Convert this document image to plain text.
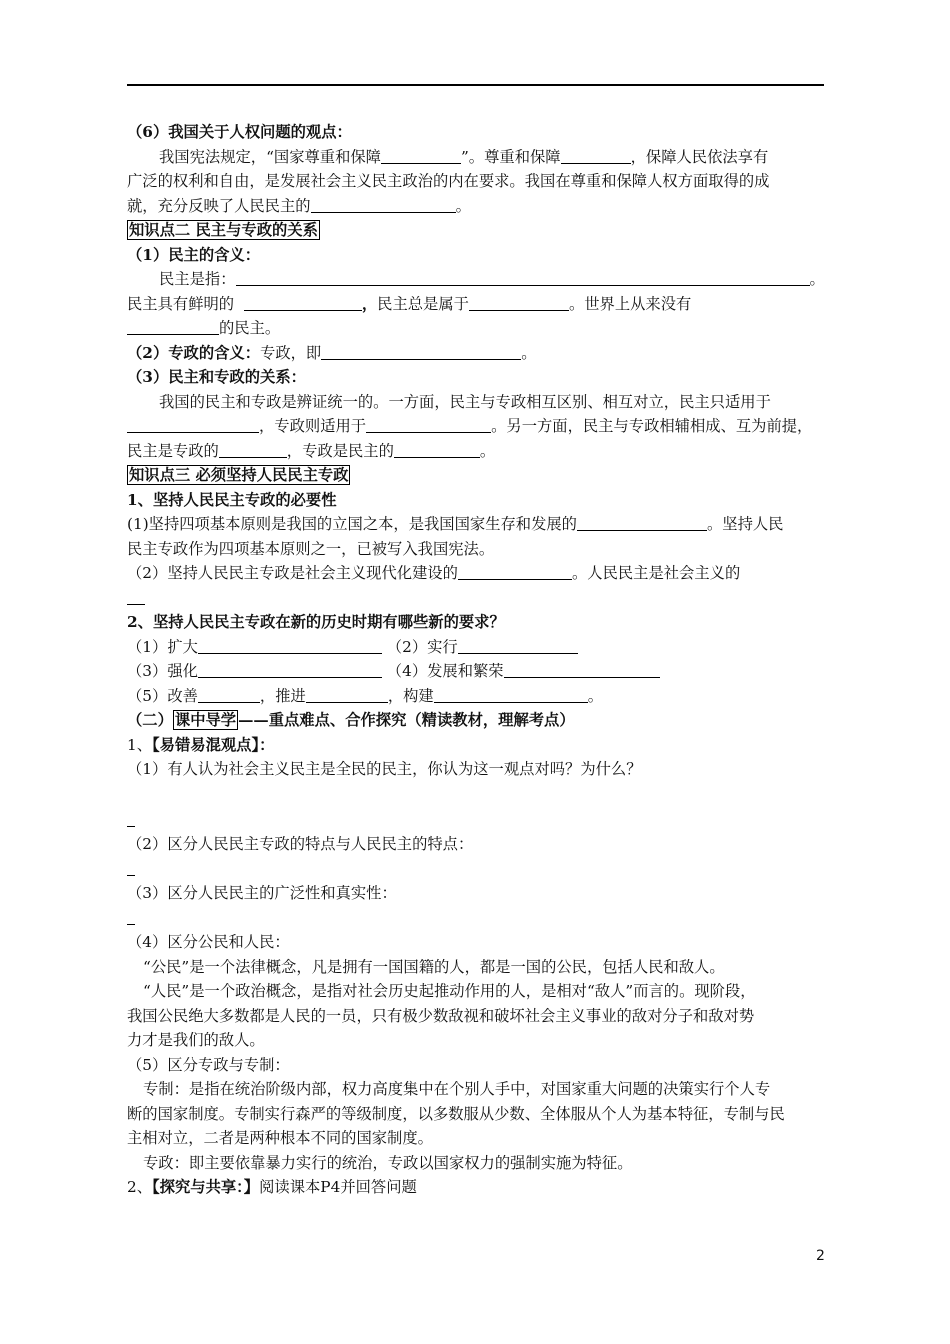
（6）我国关于人权问题的观点：
我国宪法规定，“国家尊重和保障	”。尊重和保障	，保障人民依法享有
广泛的权利和自由，是发展社会主义民主政治的内在要求。我国在尊重和保障人权方面取得的成
就，充分反映了人民民主的	。
知识点二 民主与专政的关系
（1）民主的含义：
民主是指：	。
民主具有鲜明的	，民主总是属于	。世界上从来没有
的民主。
（2）专政的含义：专政，即	。
（3）民主和专政的关系：
我国的民主和专政是辨证统一的。一方面，民主与专政相互区别、相互对立，民主只适用于
，专政则适用于	。另一方面，民主与专政相辅相成、互为前提，
民主是专政的	，专政是民主的	。
知识点三 必须坚持人民民主专政
1、坚持人民民主专政的必要性
(1)坚持四项基本原则是我国的立国之本，是我国国家生存和发展的	。坚持人民
民主专政作为四项基本原则之一，已被写入我国宪法。
（2）坚持人民民主专政是社会主义现代化建设的	。人民民主是社会主义的
2、坚持人民民主专政在新的历史时期有哪些新的要求？
（1）扩大	（2）实行
（3）强化	（4）发展和繁荣
（5）改善	，推进	，构建	。
（二） 课中导学 ——重点难点、合作探究（精读教材，理解考点）
1、【易错易混观点】：
（1）有人认为社会主义民主是全民的民主，你认为这一观点对吗？为什么？
（2）区分人民民主专政的特点与人民民主的特点：
（3）区分人民民主的广泛性和真实性：
（4）区分公民和人民：
“公民”是一个法律概念，凡是拥有一国国籍的人，都是一国的公民，包括人民和敌人。
“人民”是一个政治概念，是指对社会历史起推动作用的人，是相对“敌人”而言的。现阶段，
我国公民绝大多数都是人民的一员，只有极少数敌视和破坏社会主义事业的敌对分子和敌对势
力才是我们的敌人。
（5）区分专政与专制：
专制：是指在统治阶级内部，权力高度集中在个别人手中，对国家重大问题的决策实行个人专
断的国家制度。专制实行森严的等级制度，以多数服从少数、全体服从个人为基本特征，专制与民
主相对立，二者是两种根本不同的国家制度。
专政：即主要依靠暴力实行的统治，专政以国家权力的强制实施为特征。
2、【探究与共享：】阅读课本P4并回答问题
2
